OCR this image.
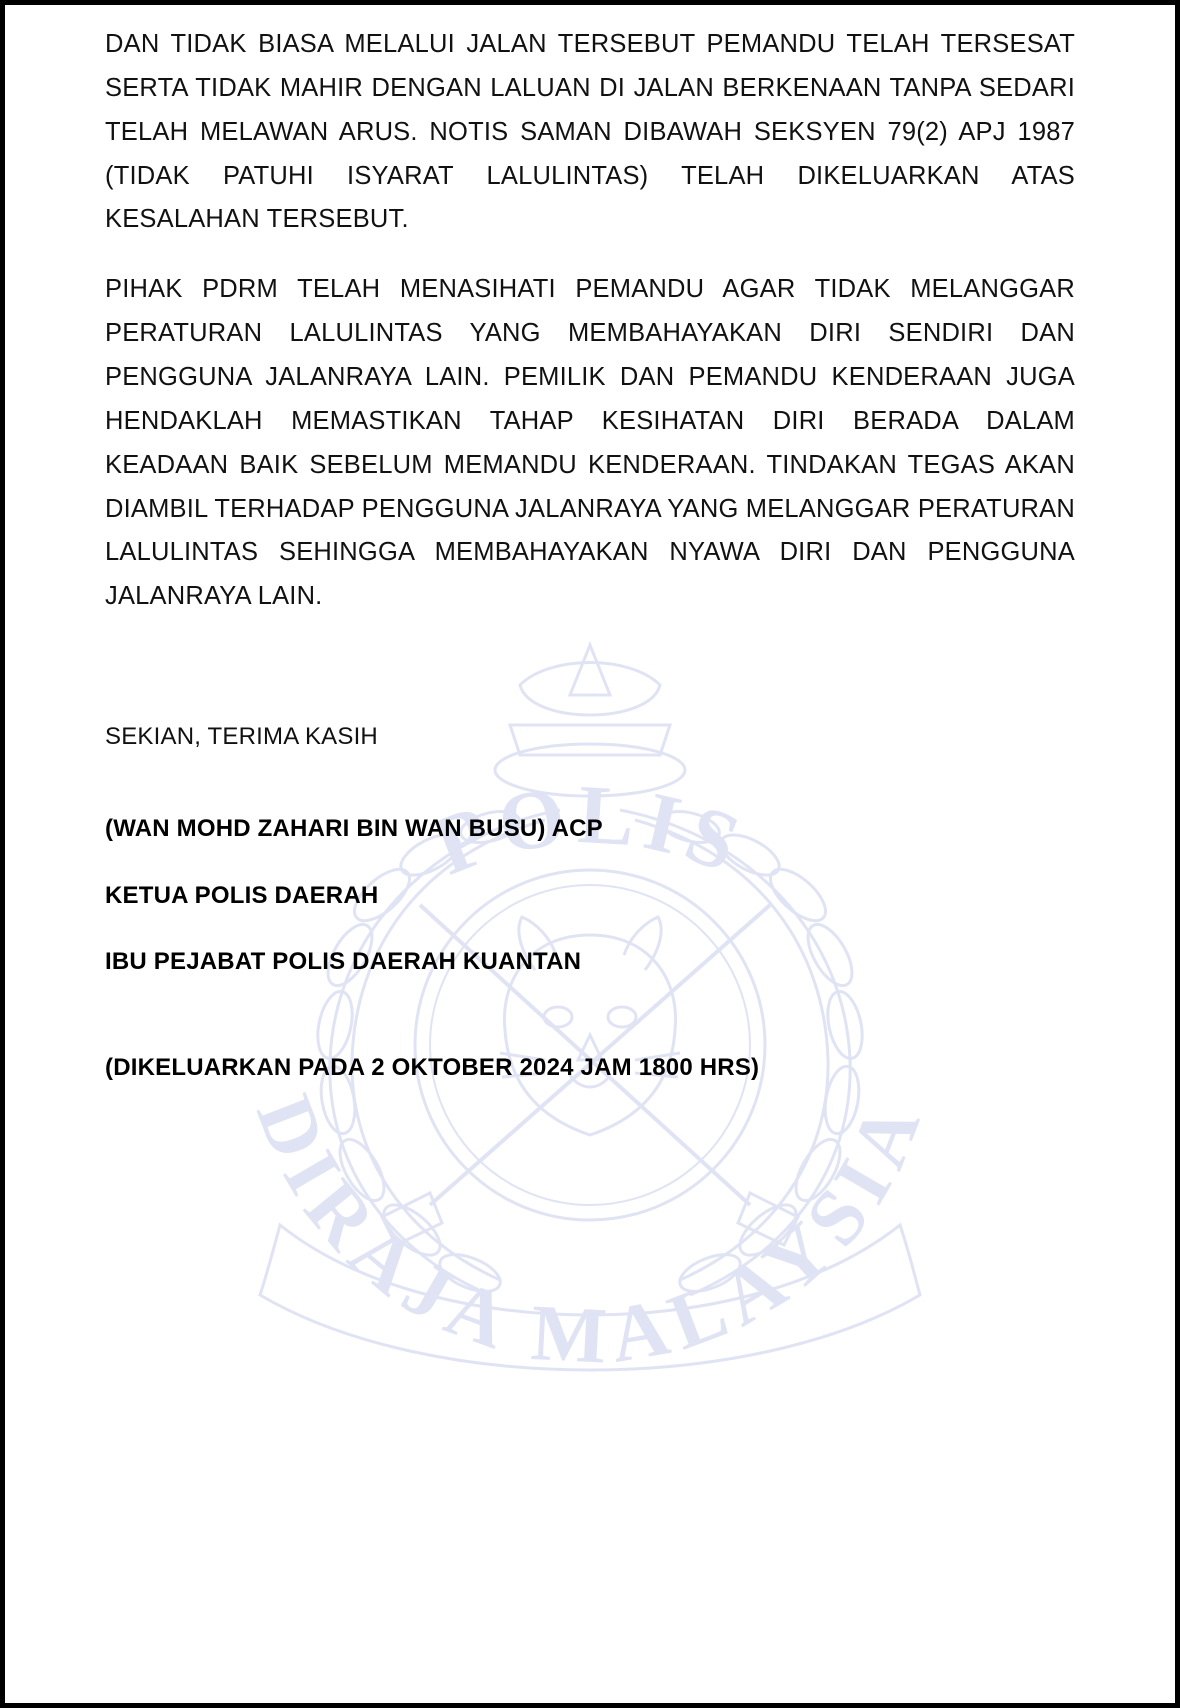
POLIS
DIRAJA MALAYSIA

DAN TIDAK BIASA MELALUI JALAN TERSEBUT PEMANDU TELAH TERSESAT SERTA TIDAK MAHIR DENGAN LALUAN DI JALAN BERKENAAN TANPA SEDARI TELAH MELAWAN ARUS. NOTIS SAMAN DIBAWAH SEKSYEN 79(2) APJ 1987 (TIDAK PATUHI ISYARAT LALULINTAS) TELAH DIKELUARKAN ATAS KESALAHAN TERSEBUT.

PIHAK PDRM TELAH MENASIHATI PEMANDU AGAR TIDAK MELANGGAR PERATURAN LALULINTAS YANG MEMBAHAYAKAN DIRI SENDIRI DAN PENGGUNA JALANRAYA LAIN. PEMILIK DAN PEMANDU KENDERAAN JUGA HENDAKLAH MEMASTIKAN TAHAP KESIHATAN DIRI BERADA DALAM KEADAAN BAIK SEBELUM MEMANDU KENDERAAN. TINDAKAN TEGAS AKAN DIAMBIL TERHADAP PENGGUNA JALANRAYA YANG MELANGGAR PERATURAN LALULINTAS SEHINGGA MEMBAHAYAKAN NYAWA DIRI DAN PENGGUNA JALANRAYA LAIN.

SEKIAN, TERIMA KASIH

(WAN MOHD ZAHARI BIN WAN BUSU) ACP

KETUA POLIS DAERAH

IBU PEJABAT POLIS DAERAH KUANTAN

(DIKELUARKAN PADA 2 OKTOBER 2024 JAM 1800 HRS)
